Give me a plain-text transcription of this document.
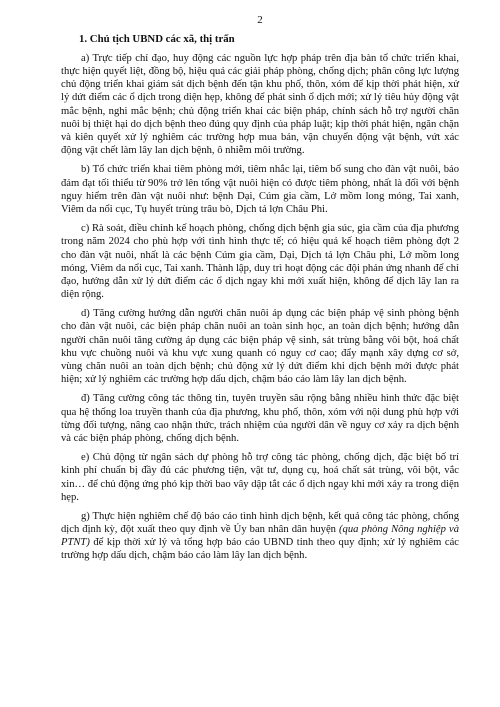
2
1. Chủ tịch UBND các xã, thị trấn

a) Trực tiếp chỉ đạo, huy động các nguồn lực hợp pháp trên địa bàn tổ chức triển khai, thực hiện quyết liệt, đồng bộ, hiệu quả các giải pháp phòng, chống dịch; phân công lực lượng chủ động triển khai giám sát dịch bệnh đến tận khu phố, thôn, xóm để kịp thời phát hiện, xử lý dứt điểm các ổ dịch trong diện hẹp, không để phát sinh ổ dịch mới; xử lý tiêu hủy động vật mắc bệnh, nghi mắc bệnh; chủ động triển khai các biện pháp, chính sách hỗ trợ người chăn nuôi bị thiệt hại do dịch bệnh theo đúng quy định của pháp luật; kịp thời phát hiện, ngăn chặn và kiên quyết xử lý nghiêm các trường hợp mua bán, vận chuyển động vật bệnh, vứt xác động vật chết làm lây lan dịch bệnh, ô nhiễm môi trường.

b) Tổ chức triển khai tiêm phòng mới, tiêm nhắc lại, tiêm bổ sung cho đàn vật nuôi, bảo đảm đạt tối thiểu từ 90% trở lên tổng vật nuôi hiện có được tiêm phòng, nhất là đối với bệnh nguy hiểm trên đàn vật nuôi như: bệnh Dại, Cúm gia cầm, Lở mồm long móng, Tai xanh, Viêm da nổi cục, Tụ huyết trùng trâu bò, Dịch tả lợn Châu Phi.

c) Rà soát, điều chỉnh kế hoạch phòng, chống dịch bệnh gia súc, gia cầm của địa phương trong năm 2024 cho phù hợp với tình hình thực tế; có hiệu quả kế hoạch tiêm phòng đợt 2 cho đàn vật nuôi, nhất là các bệnh Cúm gia cầm, Dại, Dịch tả lợn Châu phi, Lở mồm long móng, Viêm da nổi cục, Tai xanh. Thành lập, duy trì hoạt động các đội phản ứng nhanh để chỉ đạo, hướng dẫn xử lý dứt điểm các ổ dịch ngay khi mới xuất hiện, không để dịch lây lan ra diện rộng.

d) Tăng cường hướng dẫn người chăn nuôi áp dụng các biện pháp vệ sinh phòng bệnh cho đàn vật nuôi, các biện pháp chăn nuôi an toàn sinh học, an toàn dịch bệnh; hướng dẫn người chăn nuôi tăng cường áp dụng các biện pháp vệ sinh, sát trùng bằng vôi bột, hoá chất khu vực chuồng nuôi và khu vực xung quanh có nguy cơ cao; đẩy mạnh xây dựng cơ sở, vùng chăn nuôi an toàn dịch bệnh; chủ động xử lý dứt điểm khi dịch bệnh mới được phát hiện; xử lý nghiêm các trường hợp dấu dịch, chậm báo cáo làm lây lan dịch bệnh.

đ) Tăng cường công tác thông tin, tuyên truyền sâu rộng bằng nhiều hình thức đặc biệt qua hệ thống loa truyền thanh của địa phương, khu phố, thôn, xóm với nội dung phù hợp với từng đối tượng, nâng cao nhận thức, trách nhiệm của người dân về nguy cơ xảy ra dịch bệnh và các biện pháp phòng, chống dịch bệnh.

e) Chủ động từ ngân sách dự phòng hỗ trợ công tác phòng, chống dịch, đặc biệt bố trí kinh phí chuẩn bị đầy đủ các phương tiện, vật tư, dụng cụ, hoá chất sát trùng, vôi bột, vắc xin… để chủ động ứng phó kịp thời bao vây dập tắt các ổ dịch ngay khi mới xảy ra trong diện hẹp.

g) Thực hiện nghiêm chế độ báo cáo tình hình dịch bệnh, kết quả công tác phòng, chống dịch định kỳ, đột xuất theo quy định về Ủy ban nhân dân huyện (qua phòng Nông nghiệp và PTNT) để kịp thời xử lý và tổng hợp báo cáo UBND tỉnh theo quy định; xử lý nghiêm các trường hợp dấu dịch, chậm báo cáo làm lây lan dịch bệnh.
